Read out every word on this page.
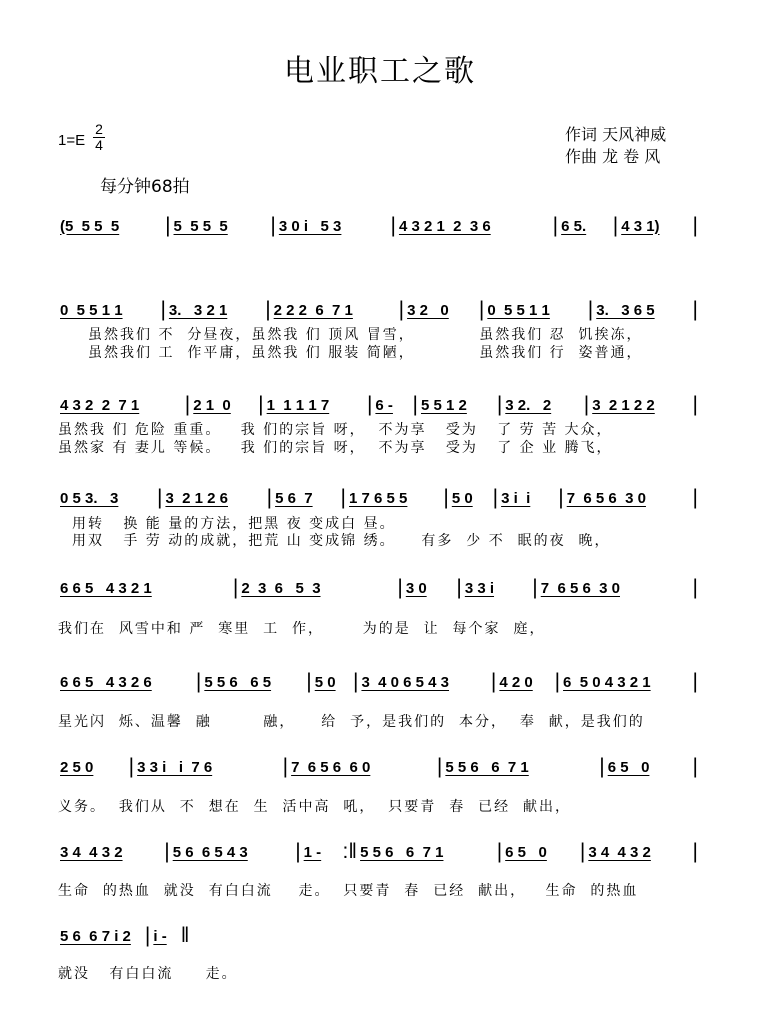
电业职工之歌
1=E
2
4
作词 天风神威
作曲 龙 卷 风
每分钟68拍
(5  5 5  5	| 5  5 5  5	| 3 0 i   5 3	| 4 3 2 1  2  3 6	| 6 5.	| 4 3 1)	|
0  5 5 1 1	| 3.   3 2 1	| 2 2 2  6  7 1	| 3 2   0	| 0  5 5 1 1	| 3.   3 6 5	|
虽然我们 不  分昼夜，虽然我 们 顶风 冒雪，          虽然我们 忍  饥挨冻，
虽然我们 工  作平庸，虽然我 们 服装 简陋，          虽然我们 行  姿普通，
4 3 2  2  7 1	| 2 1  0	| 1  1 1 1 7	| 6 - | 5 5 1 2	| 3 2.   2	| 3  2 1 2 2	|
虽然我 们 危险 重重。   我 们的宗旨 呀，  不为享   受为   了 劳 苦 大众，
虽然家 有 妻儿 等候。   我 们的宗旨 呀，  不为享   受为   了 企 业 腾飞，
0 5 3.   3	| 3  2 1 2 6	| 5 6  7	| 1 7 6 5 5	| 5 0 | 3 i  i	| 7  6 5 6  3 0	|
用转   换 能 量的方法，把黑 夜 变成白 昼。
用双   手 劳 动的成就，把荒 山 变成锦 绣。    有多  少 不  眠的夜  晚，
6 6 5   4 3 2 1	| 2  3  6   5  3	| 3 0	| 3 3 i	| 7  6 5 6  3 0	|
我们在  风雪中和 严  寒里  工  作，      为的是  让  每个家  庭，
6 6 5   4 3 2 6	| 5 5 6   6 5	| 5 0 | 3  4 0 6 5 4 3	| 4 2 0	| 6  5 0 4 3 2 1	|
星光闪  烁、温馨  融        融，    给  予，是我们的  本分，  奉  献，是我们的
2 5 0	| 3 3 i   i  7 6	| 7  6 5 6  6 0	| 5 5 6   6  7 1	| 6 5   0	|
义务。  我们从  不  想在  生  活中高  吼，  只要青  春  已经  献出，
3 4  4 3 2	| 5 6  6 5 4 3	| 1 -	:‖ 5 5 6   6  7 1	| 6 5   0	| 3 4  4 3 2	|
生命  的热血  就没  有白白流    走。  只要青  春  已经  献出，   生命  的热血
5 6  6 7 i 2 | i - ‖
就没   有白白流     走。
